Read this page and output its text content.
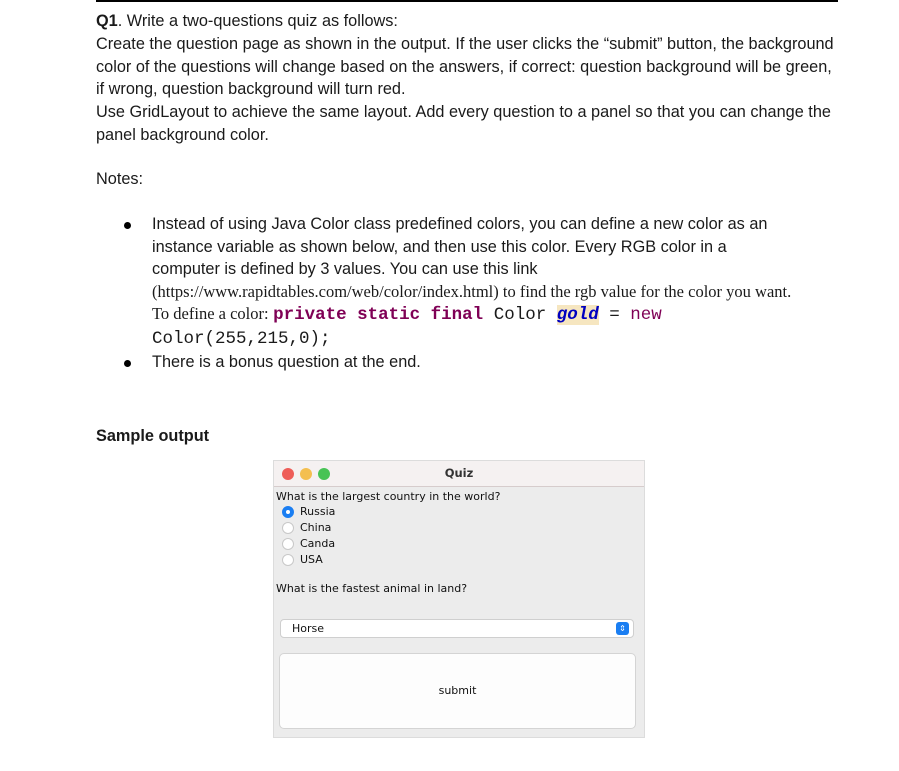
Q1. Write a two-questions quiz as follows:

Create the question page as shown in the output. If the user clicks the “submit” button, the background color of the questions will change based on the answers, if correct: question background will be green, if wrong, question background will turn red.

Use GridLayout to achieve the same layout. Add every question to a panel so that you can change the panel background color.

Notes:
Instead of using Java Color class predefined colors, you can define a new color as an instance variable as shown below, and then use this color. Every RGB color in a computer is defined by 3 values. You can use this link (https://www.rapidtables.com/web/color/index.html) to find the rgb value for the color you want. To define a color: private static final Color gold = new Color(255,215,0);
There is a bonus question at the end.
Sample output
Quiz
What is the largest country in the world?
Russia
China
Canda
USA
What is the fastest animal in land?
Horse	⇕
submit
